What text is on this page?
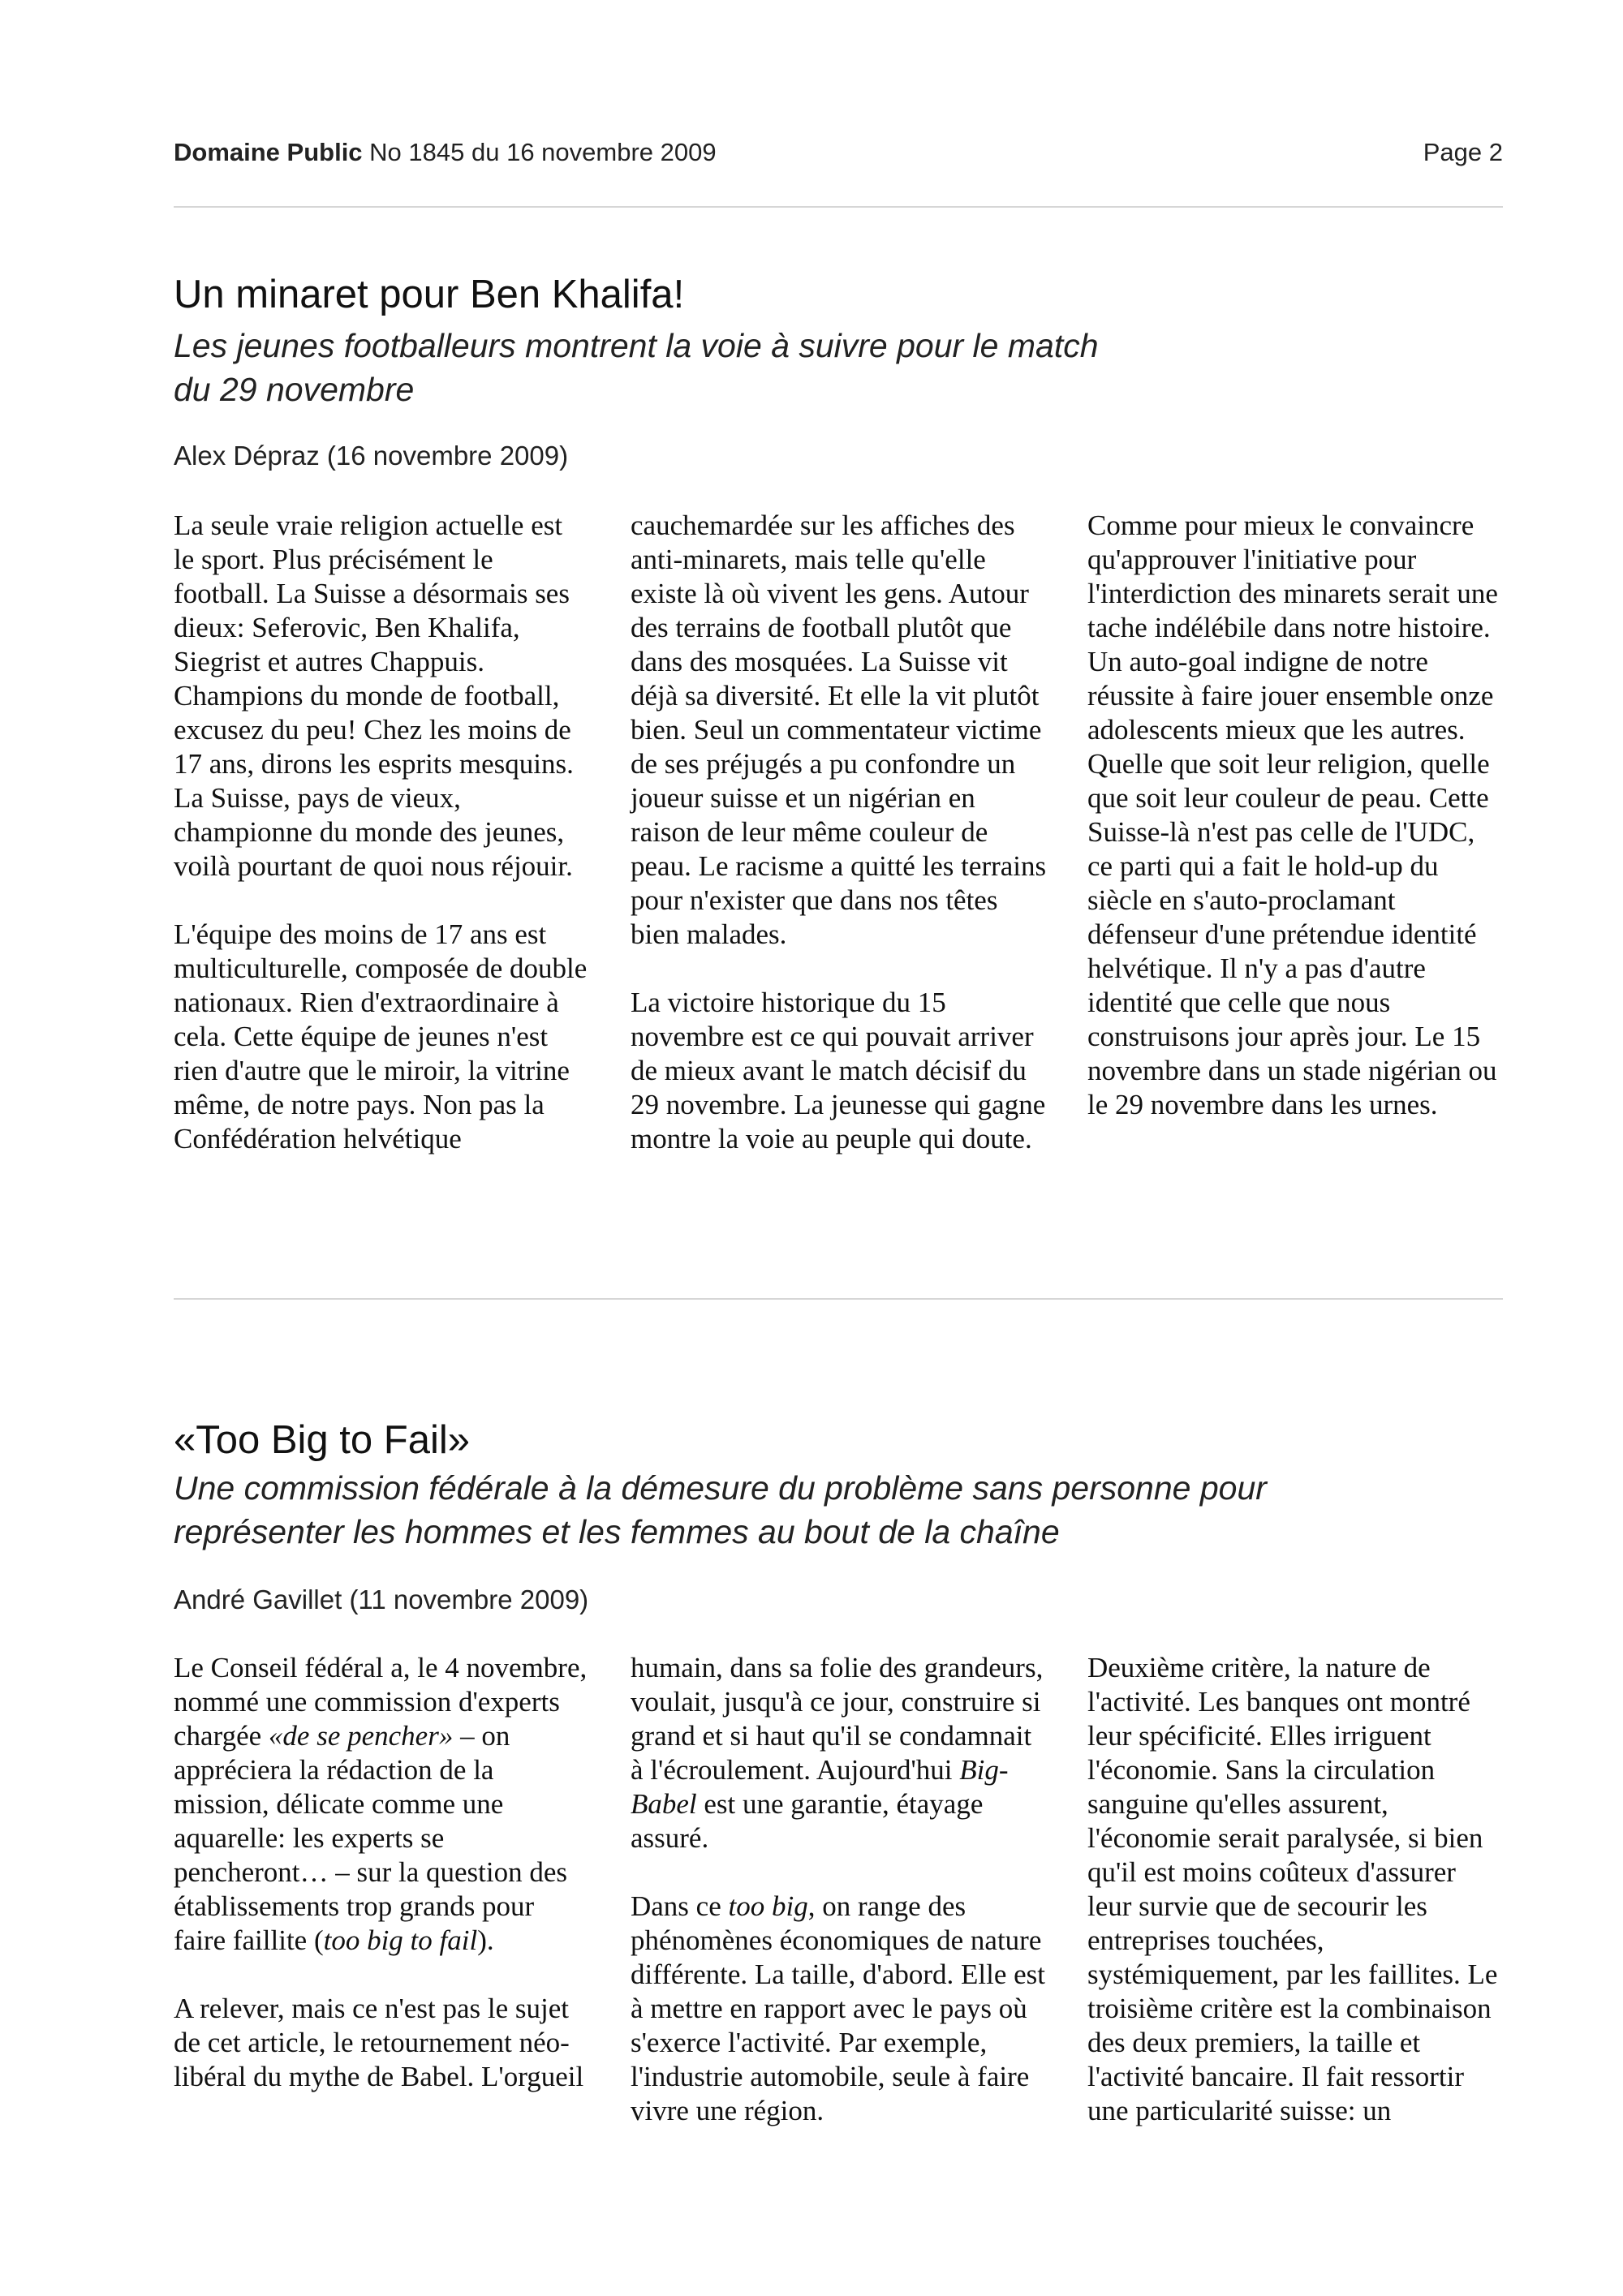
Domaine Public No 1845 du 16 novembre 2009	Page 2
Un minaret pour Ben Khalifa!
Les jeunes footballeurs montrent la voie à suivre pour le match
du 29 novembre
Alex Dépraz (16 novembre 2009)

La seule vraie religion actuelle est le sport. Plus précisément le football. La Suisse a désormais ses dieux: Seferovic, Ben Khalifa, Siegrist et autres Chappuis. Champions du monde de football, excusez du peu! Chez les moins de 17 ans, dirons les esprits mesquins. La Suisse, pays de vieux, championne du monde des jeunes, voilà pourtant de quoi nous réjouir.

L'équipe des moins de 17 ans est multiculturelle, composée de double nationaux. Rien d'extraordinaire à cela. Cette équipe de jeunes n'est rien d'autre que le miroir, la vitrine même, de notre pays. Non pas la Confédération helvétique

cauchemardée sur les affiches des anti-minarets, mais telle qu'elle existe là où vivent les gens. Autour des terrains de football plutôt que dans des mosquées. La Suisse vit déjà sa diversité. Et elle la vit plutôt bien. Seul un commentateur victime de ses préjugés a pu confondre un joueur suisse et un nigérian en raison de leur même couleur de peau. Le racisme a quitté les terrains pour n'exister que dans nos têtes bien malades.

La victoire historique du 15 novembre est ce qui pouvait arriver de mieux avant le match décisif du 29 novembre. La jeunesse qui gagne montre la voie au peuple qui doute.

Comme pour mieux le convaincre qu'approuver l'initiative pour l'interdiction des minarets serait une tache indélébile dans notre histoire. Un auto-goal indigne de notre réussite à faire jouer ensemble onze adolescents mieux que les autres. Quelle que soit leur religion, quelle que soit leur couleur de peau. Cette Suisse-là n'est pas celle de l'UDC, ce parti qui a fait le hold-up du siècle en s'auto-proclamant défenseur d'une prétendue identité helvétique. Il n'y a pas d'autre identité que celle que nous construisons jour après jour. Le 15 novembre dans un stade nigérian ou le 29 novembre dans les urnes.

«Too Big to Fail»
Une commission fédérale à la démesure du problème sans personne pour
représenter les hommes et les femmes au bout de la chaîne
André Gavillet (11 novembre 2009)

Le Conseil fédéral a, le 4 novembre, nommé une commission d'experts chargée «de se pencher» – on appréciera la rédaction de la mission, délicate comme une aquarelle: les experts se pencheront… – sur la question des établissements trop grands pour faire faillite (too big to fail).

A relever, mais ce n'est pas le sujet de cet article, le retournement néo-libéral du mythe de Babel. L'orgueil

humain, dans sa folie des grandeurs, voulait, jusqu'à ce jour, construire si grand et si haut qu'il se condamnait à l'écroulement. Aujourd'hui Big-Babel est une garantie, étayage assuré.

Dans ce too big, on range des phénomènes économiques de nature différente. La taille, d'abord. Elle est à mettre en rapport avec le pays où s'exerce l'activité. Par exemple, l'industrie automobile, seule à faire vivre une région.

Deuxième critère, la nature de l'activité. Les banques ont montré leur spécificité. Elles irriguent l'économie. Sans la circulation sanguine qu'elles assurent, l'économie serait paralysée, si bien qu'il est moins coûteux d'assurer leur survie que de secourir les entreprises touchées, systémiquement, par les faillites. Le troisième critère est la combinaison des deux premiers, la taille et l'activité bancaire. Il fait ressortir une particularité suisse: un
